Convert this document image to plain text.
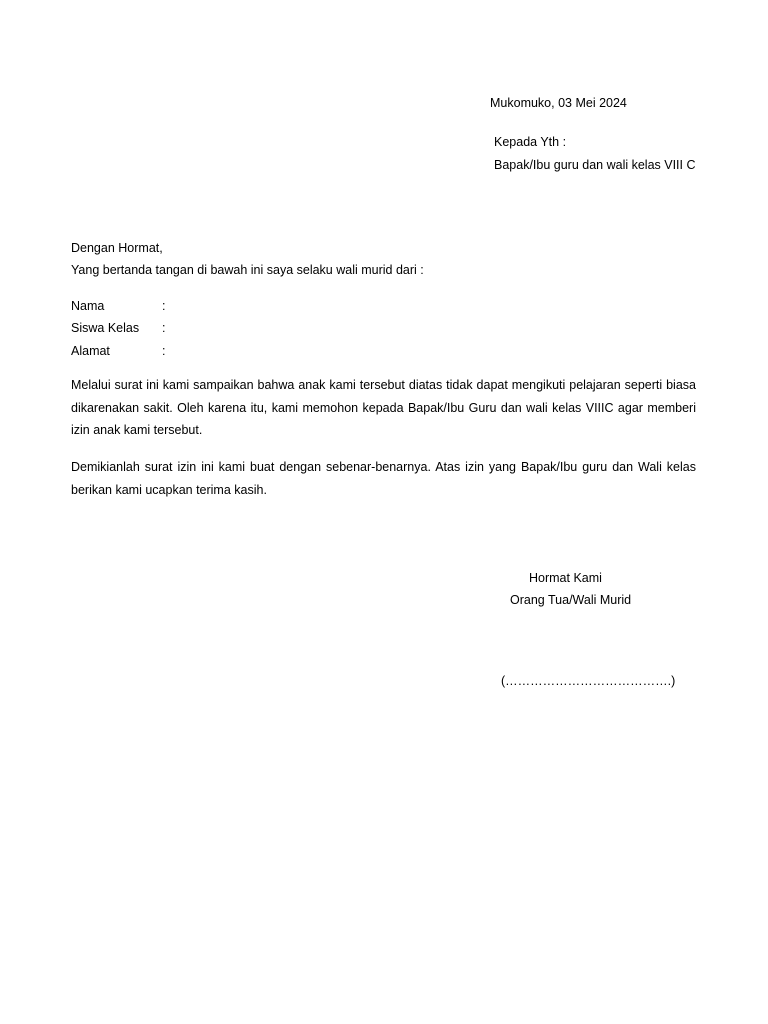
Mukomuko, 03 Mei 2024
Kepada Yth :
Bapak/Ibu guru dan wali kelas VIII C
Dengan Hormat,
Yang bertanda tangan di bawah ini saya selaku wali murid dari :
Nama	:
Siswa Kelas :
Alamat	:
Melalui surat ini kami sampaikan bahwa anak kami tersebut diatas tidak dapat mengikuti pelajaran seperti biasa dikarenakan sakit. Oleh karena itu, kami memohon kepada Bapak/Ibu Guru dan wali kelas VIIIC agar memberi izin anak kami tersebut.
Demikianlah surat izin ini kami buat dengan sebenar-benarnya. Atas izin yang Bapak/Ibu guru dan Wali kelas berikan kami ucapkan terima kasih.
Hormat Kami
Orang Tua/Wali Murid
(………………………………….)
